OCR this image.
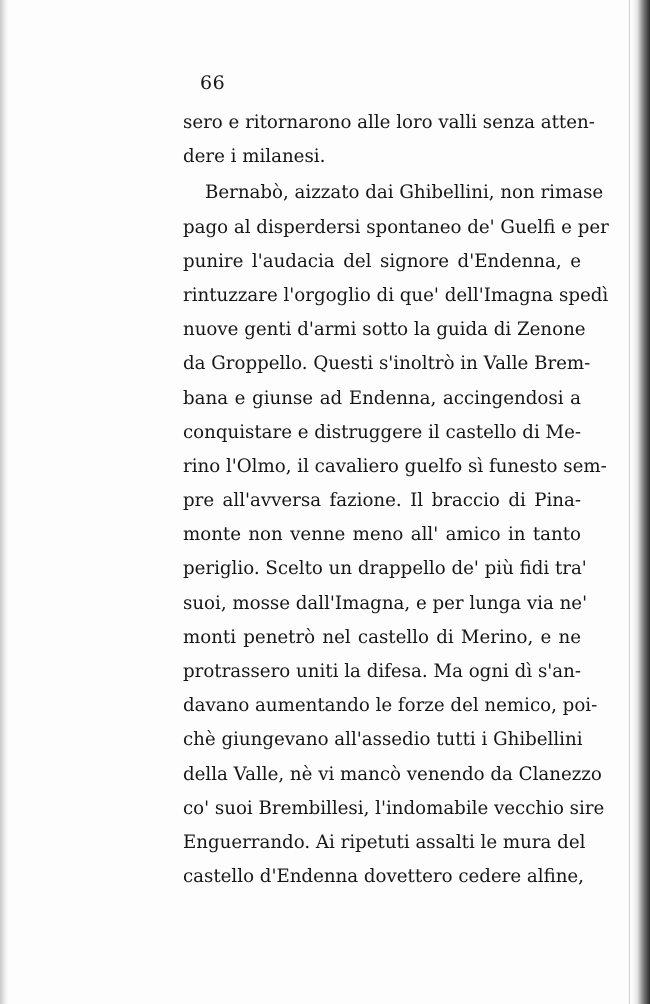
66
sero e ritornarono alle loro valli senza atten-
dere i milanesi.
Bernabò, aizzato dai Ghibellini, non rimase
pago al disperdersi spontaneo de' Guelfi e per
punire l'audacia del signore d'Endenna, e
rintuzzare l'orgoglio di que' dell'Imagna spedì
nuove genti d'armi sotto la guida di Zenone
da Groppello. Questi s'inoltrò in Valle Brem-
bana e giunse ad Endenna, accingendosi a
conquistare e distruggere il castello di Me-
rino l'Olmo, il cavaliero guelfo sì funesto sem-
pre all'avversa fazione. Il braccio di Pina-
monte non venne meno all' amico in tanto
periglio. Scelto un drappello de' più fidi tra'
suoi, mosse dall'Imagna, e per lunga via ne'
monti penetrò nel castello di Merino, e ne
protrassero uniti la difesa. Ma ogni dì s'an-
davano aumentando le forze del nemico, poi-
chè giungevano all'assedio tutti i Ghibellini
della Valle, nè vi mancò venendo da Clanezzo
co' suoi Brembillesi, l'indomabile vecchio sire
Enguerrando. Ai ripetuti assalti le mura del
castello d'Endenna dovettero cedere alfine,
